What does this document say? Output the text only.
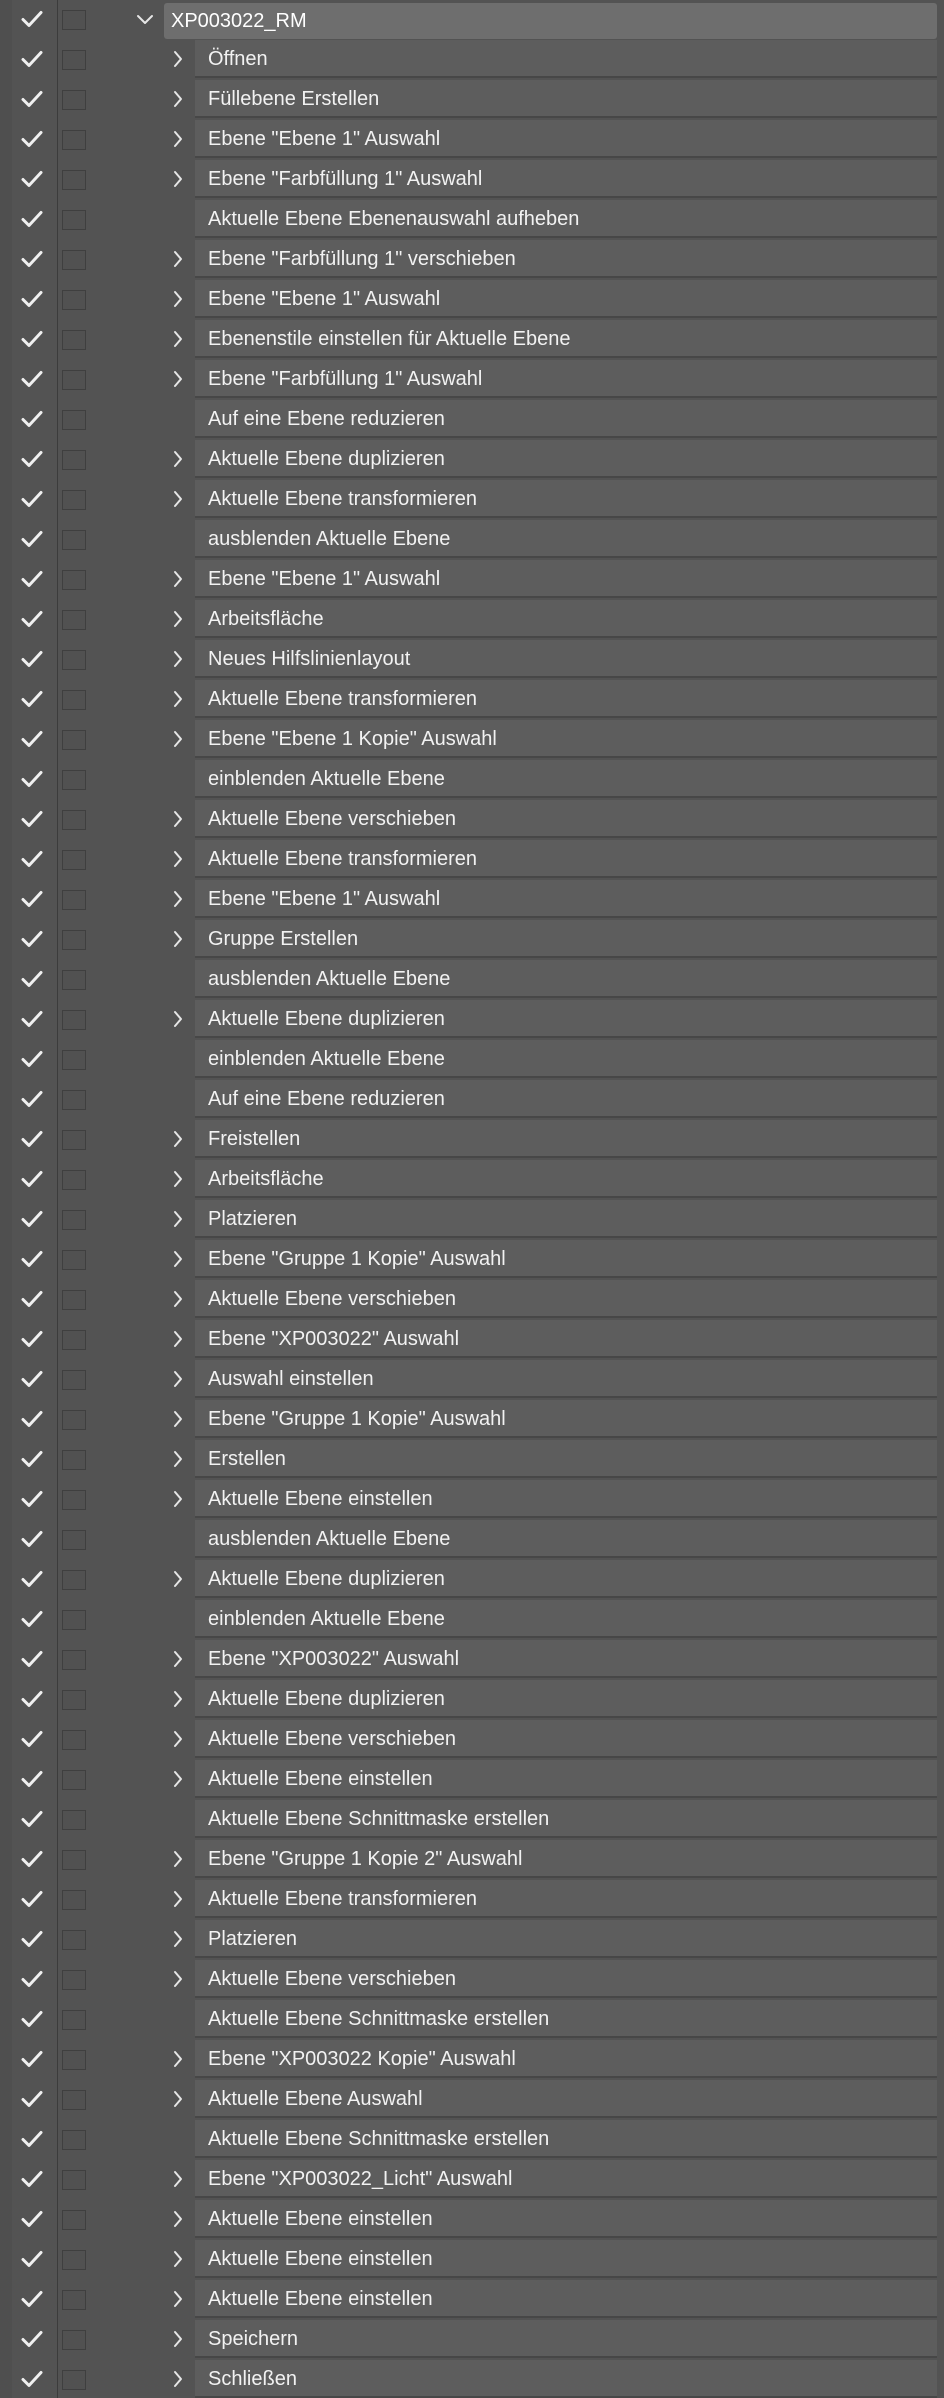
XP003022_RM
Öffnen
Füllebene Erstellen
Ebene "Ebene 1" Auswahl
Ebene "Farbfüllung 1" Auswahl
Aktuelle Ebene Ebenenauswahl aufheben
Ebene "Farbfüllung 1" verschieben
Ebene "Ebene 1" Auswahl
Ebenenstile einstellen für Aktuelle Ebene
Ebene "Farbfüllung 1" Auswahl
Auf eine Ebene reduzieren
Aktuelle Ebene duplizieren
Aktuelle Ebene transformieren
ausblenden Aktuelle Ebene
Ebene "Ebene 1" Auswahl
Arbeitsfläche
Neues Hilfslinienlayout
Aktuelle Ebene transformieren
Ebene "Ebene 1 Kopie" Auswahl
einblenden Aktuelle Ebene
Aktuelle Ebene verschieben
Aktuelle Ebene transformieren
Ebene "Ebene 1" Auswahl
Gruppe Erstellen
ausblenden Aktuelle Ebene
Aktuelle Ebene duplizieren
einblenden Aktuelle Ebene
Auf eine Ebene reduzieren
Freistellen
Arbeitsfläche
Platzieren
Ebene "Gruppe 1 Kopie" Auswahl
Aktuelle Ebene verschieben
Ebene "XP003022" Auswahl
Auswahl einstellen
Ebene "Gruppe 1 Kopie" Auswahl
Erstellen
Aktuelle Ebene einstellen
ausblenden Aktuelle Ebene
Aktuelle Ebene duplizieren
einblenden Aktuelle Ebene
Ebene "XP003022" Auswahl
Aktuelle Ebene duplizieren
Aktuelle Ebene verschieben
Aktuelle Ebene einstellen
Aktuelle Ebene Schnittmaske erstellen
Ebene "Gruppe 1 Kopie 2" Auswahl
Aktuelle Ebene transformieren
Platzieren
Aktuelle Ebene verschieben
Aktuelle Ebene Schnittmaske erstellen
Ebene "XP003022 Kopie" Auswahl
Aktuelle Ebene Auswahl
Aktuelle Ebene Schnittmaske erstellen
Ebene "XP003022_Licht" Auswahl
Aktuelle Ebene einstellen
Aktuelle Ebene einstellen
Aktuelle Ebene einstellen
Speichern
Schließen
